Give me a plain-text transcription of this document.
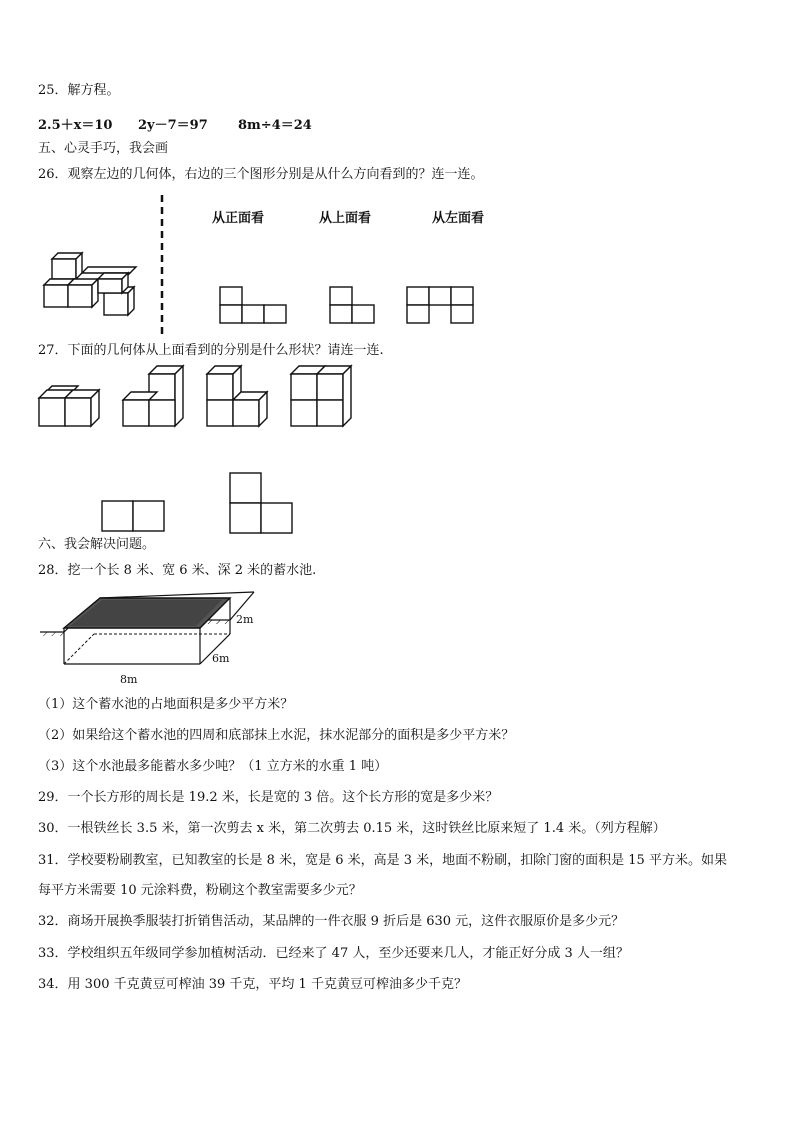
25．解方程。
2.5＋x＝10 2y－7＝97 8m÷4＝24
五、心灵手巧，我会画
26．观察左边的几何体，右边的三个图形分别是从什么方向看到的？连一连。
从正面看	从上面看	从左面看
27．下面的几何体从上面看到的分别是什么形状？请连一连.
六、我会解决问题。
28．挖一个长 8 米、宽 6 米、深 2 米的蓄水池.
2m
6m
8m
（1）这个蓄水池的占地面积是多少平方米？
（2）如果给这个蓄水池的四周和底部抹上水泥，抹水泥部分的面积是多少平方米？
（3）这个水池最多能蓄水多少吨？（1 立方米的水重 1 吨）
29．一个长方形的周长是 19.2 米，长是宽的 3 倍。这个长方形的宽是多少米？
30．一根铁丝长 3.5 米，第一次剪去 x 米，第二次剪去 0.15 米，这时铁丝比原来短了 1.4 米。（列方程解）
31．学校要粉刷教室，已知教室的长是 8 米，宽是 6 米，高是 3 米，地面不粉刷，扣除门窗的面积是 15 平方米。如果
每平方米需要 10 元涂料费，粉刷这个教室需要多少元？
32．商场开展换季服装打折销售活动，某品牌的一件衣服 9 折后是 630 元，这件衣服原价是多少元？
33．学校组织五年级同学参加植树活动．已经来了 47 人，至少还要来几人，才能正好分成 3 人一组？
34．用 300 千克黄豆可榨油 39 千克，平均 1 千克黄豆可榨油多少千克？
